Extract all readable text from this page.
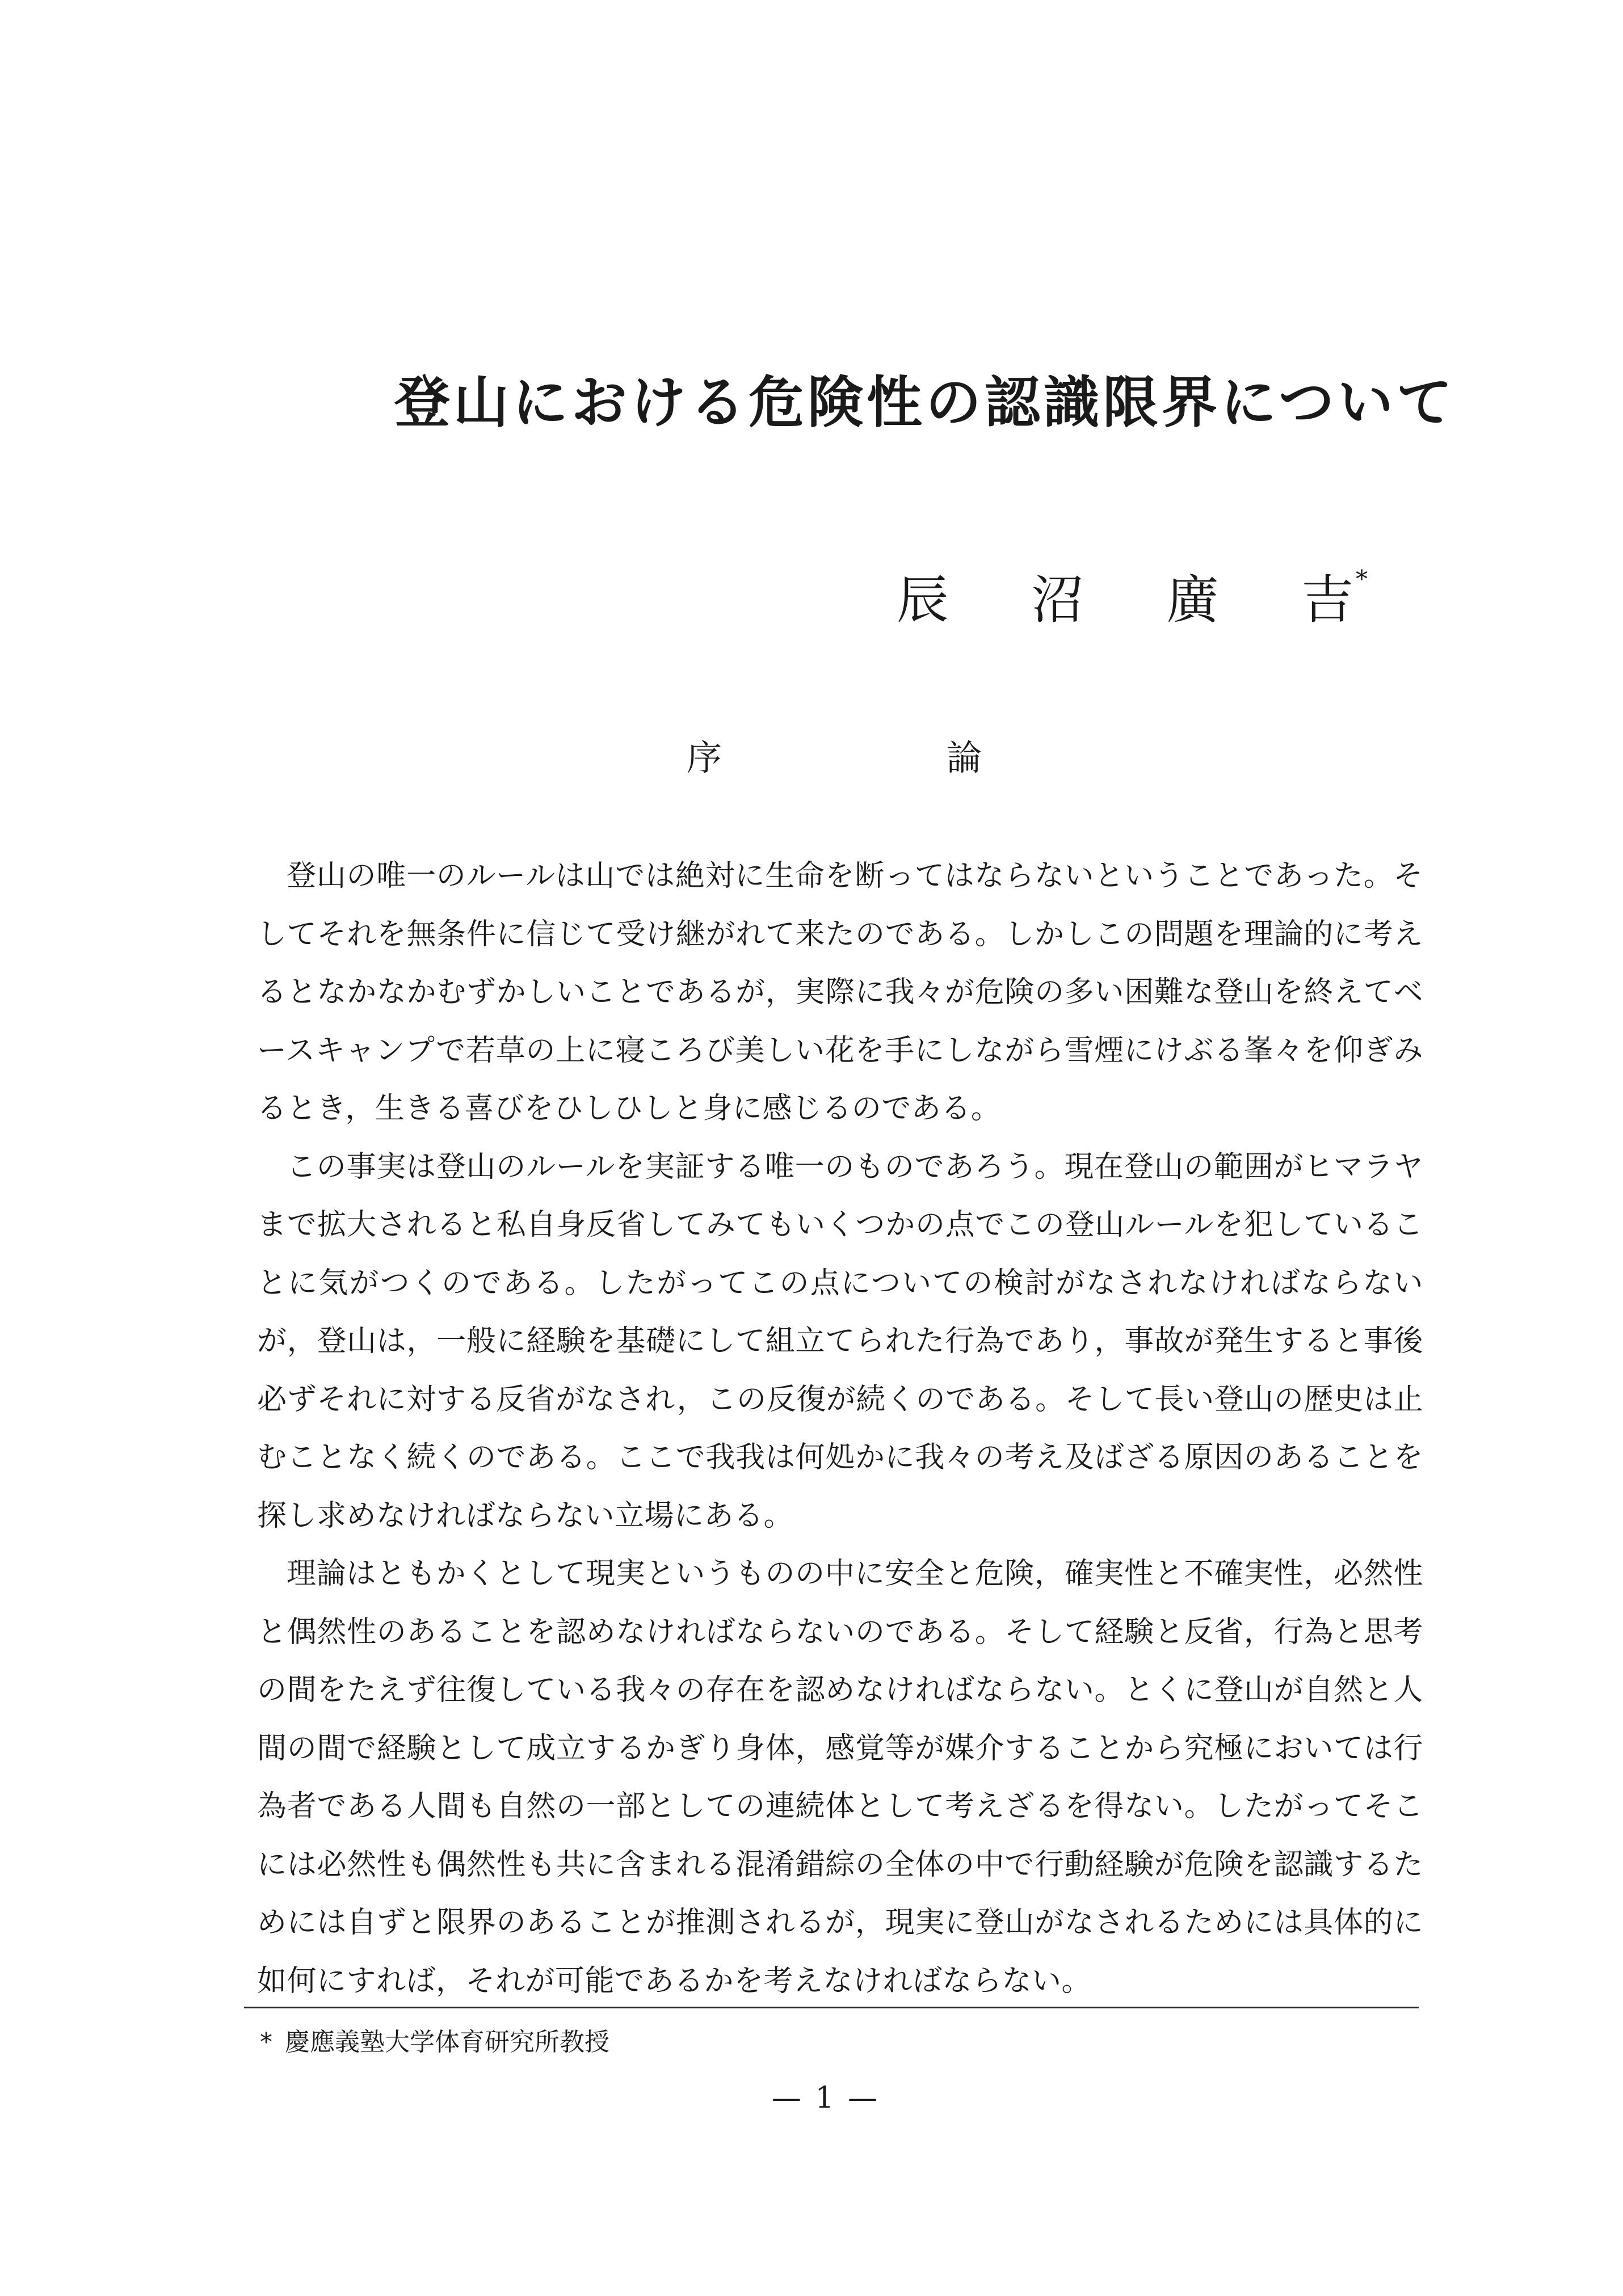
登山における危険性の認識限界について
辰 沼 廣 吉*
序	論

登山の唯一のルールは山では絶対に生命を断ってはならないということであった。そしてそれを無条件に信じて受け継がれて来たのである。しかしこの問題を理論的に考えるとなかなかむずかしいことであるが，実際に我々が危険の多い困難な登山を終えてベースキャンプで若草の上に寝ころび美しい花を手にしながら雪煙にけぶる峯々を仰ぎみるとき，生きる喜びをひしひしと身に感じるのである。

この事実は登山のルールを実証する唯一のものであろう。現在登山の範囲がヒマラヤまで拡大されると私自身反省してみてもいくつかの点でこの登山ルールを犯していることに気がつくのである。したがってこの点についての検討がなされなければならないが，登山は，一般に経験を基礎にして組立てられた行為であり，事故が発生すると事後必ずそれに対する反省がなされ，この反復が続くのである。そして長い登山の歴史は止むことなく続くのである。ここで我我は何処かに我々の考え及ばざる原因のあることを探し求めなければならない立場にある。

理論はともかくとして現実というものの中に安全と危険，確実性と不確実性，必然性と偶然性のあることを認めなければならないのである。そして経験と反省，行為と思考の間をたえず往復している我々の存在を認めなければならない。とくに登山が自然と人間の間で経験として成立するかぎり身体，感覚等が媒介することから究極においては行為者である人間も自然の一部としての連続体として考えざるを得ない。したがってそこには必然性も偶然性も共に含まれる混淆錯綜の全体の中で行動経験が危険を認識するためには自ずと限界のあることが推測されるが，現実に登山がなされるためには具体的に如何にすれば，それが可能であるかを考えなければならない。

* 慶應義塾大学体育研究所教授
— 1 —
